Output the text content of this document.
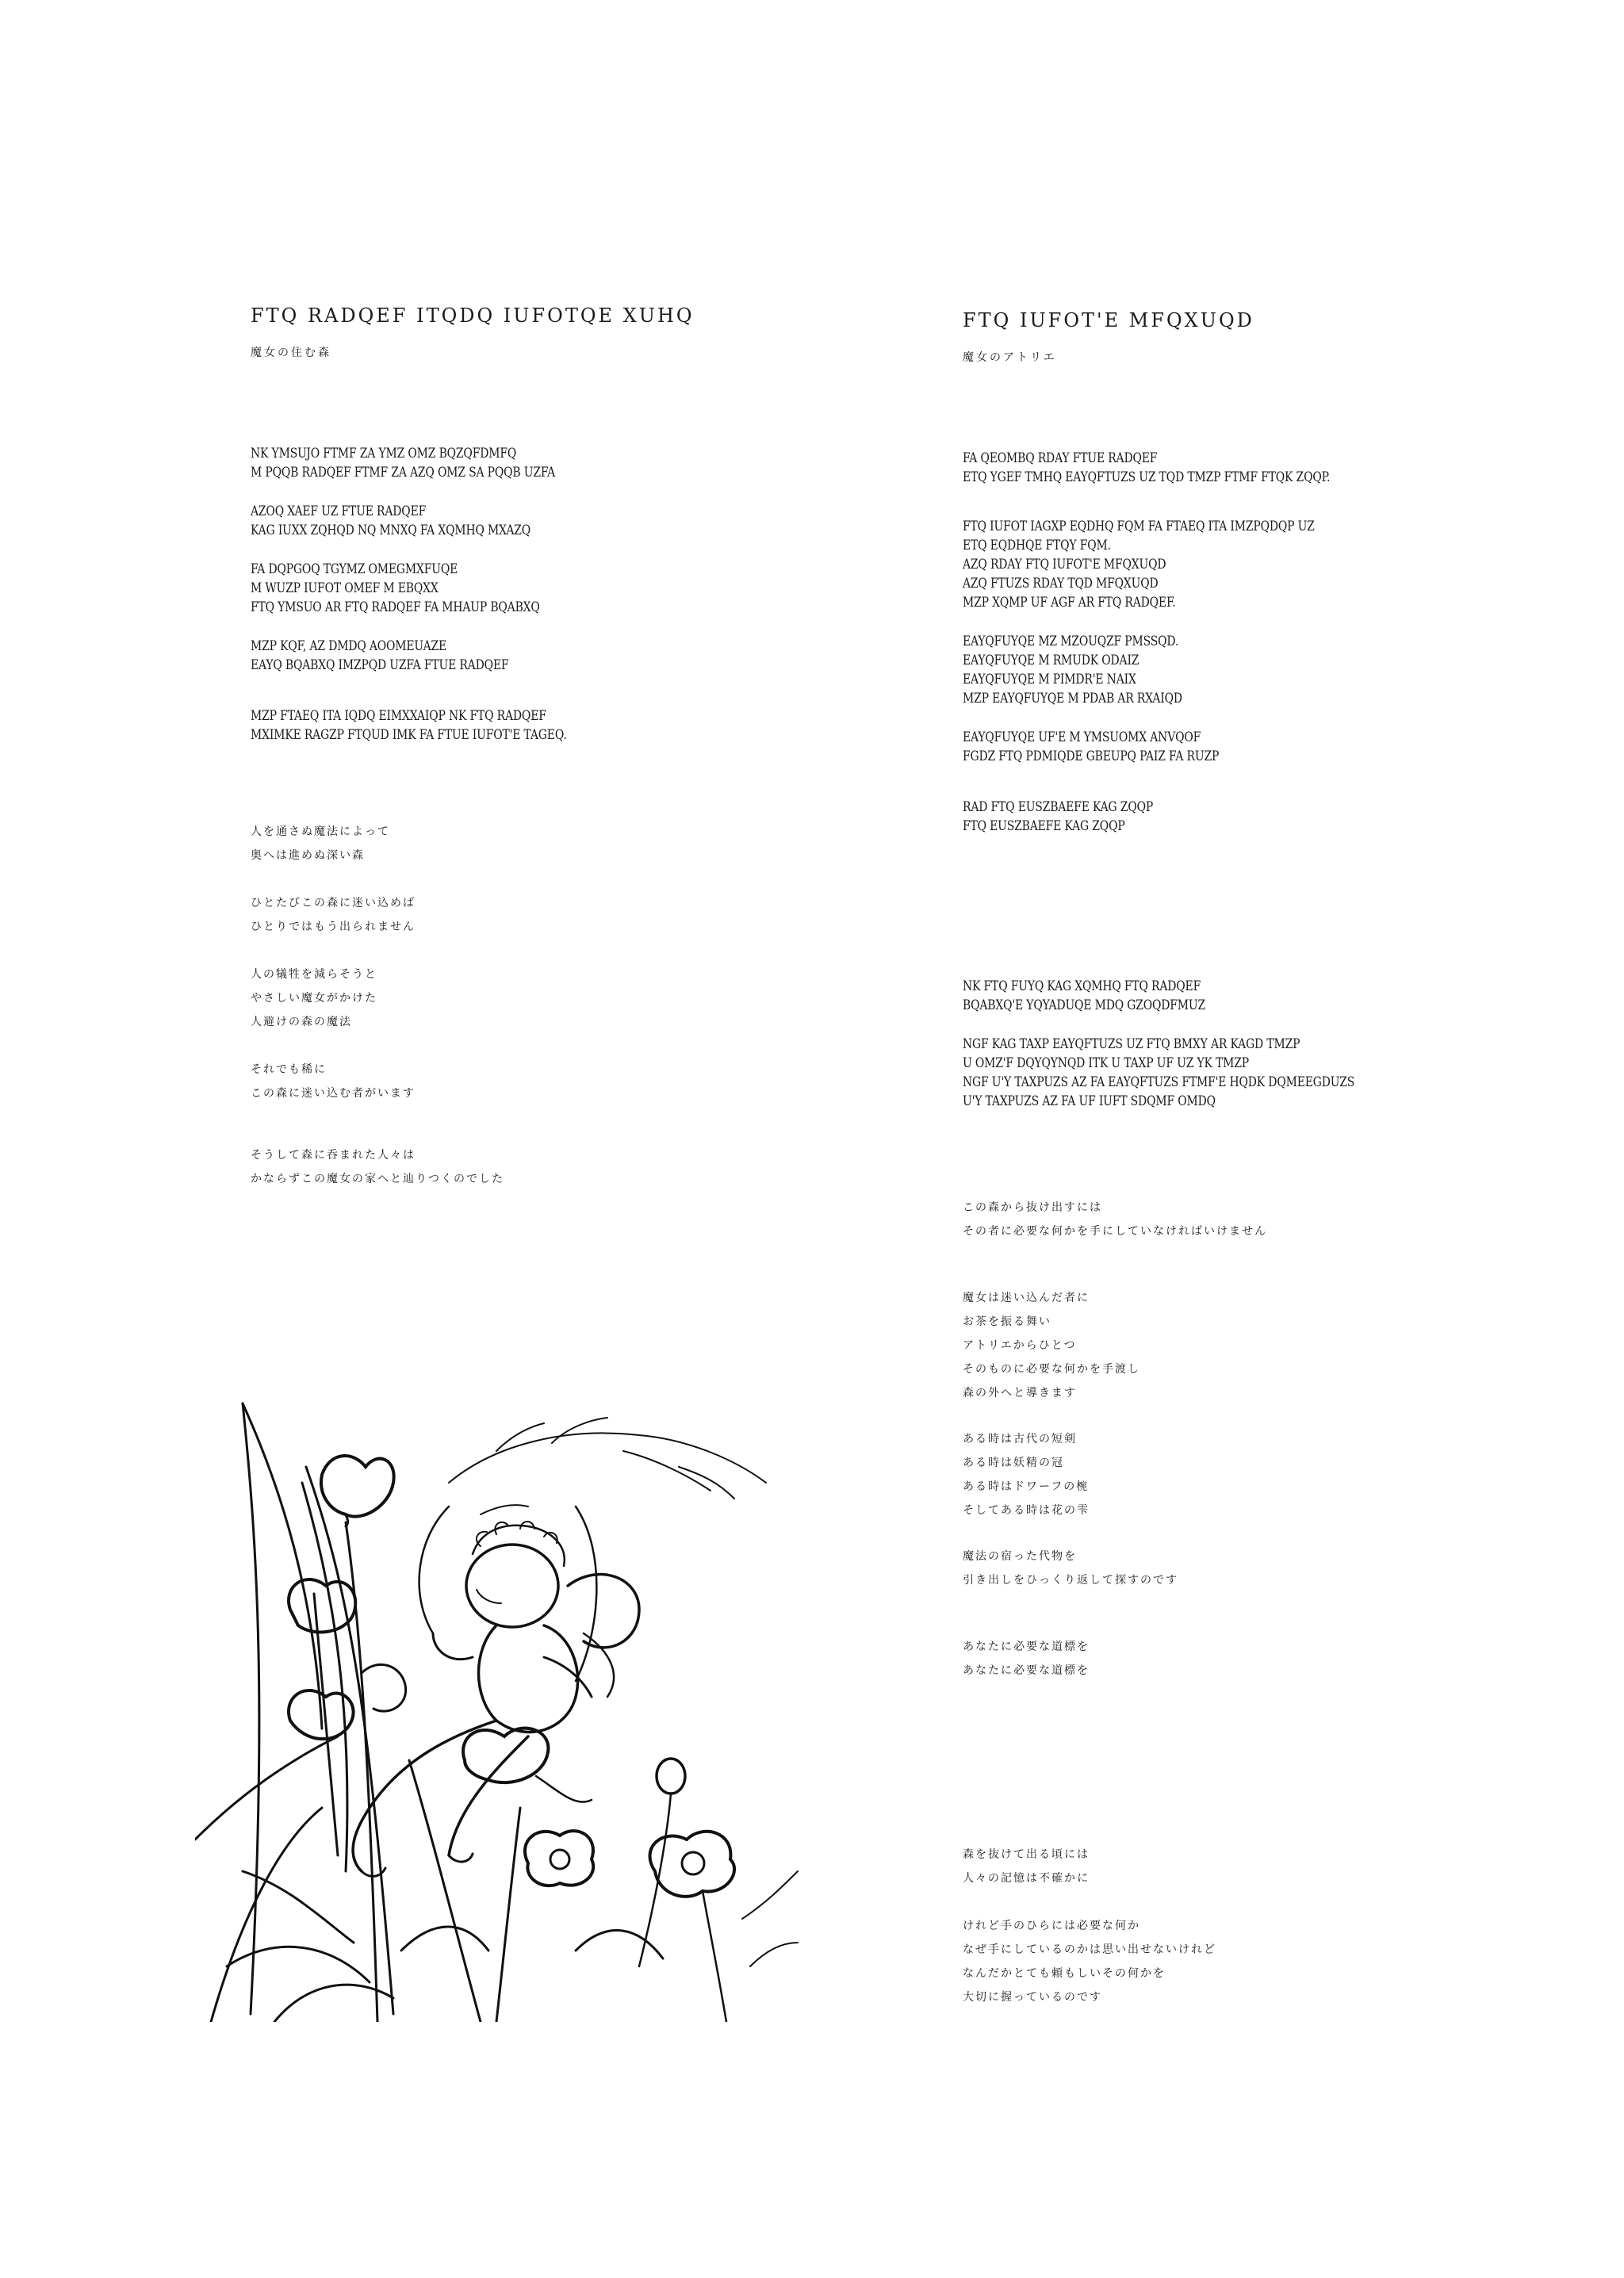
FTQ RADQEF ITQDQ IUFOTQE XUHQ
魔女の住む森
NK YMSUJO FTMF ZA YMZ OMZ BQZQFDMFQ
M PQQB RADQEF FTMF ZA AZQ OMZ SA PQQB UZFA
AZOQ XAEF UZ FTUE RADQEF
KAG IUXX ZQHQD NQ MNXQ FA XQMHQ MXAZQ
FA DQPGOQ TGYMZ OMEGMXFUQE
M WUZP IUFOT OMEF M EBQXX
FTQ YMSUO AR FTQ RADQEF FA MHAUP BQABXQ
MZP KQF, AZ DMDQ AOOMEUAZE
EAYQ BQABXQ IMZPQD UZFA FTUE RADQEF
MZP FTAEQ ITA IQDQ EIMXXAIQP NK FTQ RADQEF
MXIMKE RAGZP FTQUD IMK FA FTUE IUFOT'E TAGEQ.
人を通さぬ魔法によって
奥へは進めぬ深い森
ひとたびこの森に迷い込めば
ひとりではもう出られません
人の犠牲を減らそうと
やさしい魔女がかけた
人避けの森の魔法
それでも稀に
この森に迷い込む者がいます
そうして森に呑まれた人々は
かならずこの魔女の家へと辿りつくのでした
FTQ IUFOT'E MFQXUQD
魔女のアトリエ
FA QEOMBQ RDAY FTUE RADQEF
ETQ YGEF TMHQ EAYQFTUZS UZ TQD TMZP FTMF FTQK ZQQP.
FTQ IUFOT IAGXP EQDHQ FQM FA FTAEQ ITA IMZPQDQP UZ
ETQ EQDHQE FTQY FQM.
AZQ RDAY FTQ IUFOT'E MFQXUQD
AZQ FTUZS RDAY TQD MFQXUQD
MZP XQMP UF AGF AR FTQ RADQEF.
EAYQFUYQE MZ MZOUQZF PMSSQD.
EAYQFUYQE M RMUDK ODAIZ
EAYQFUYQE M PIMDR'E NAIX
MZP EAYQFUYQE M PDAB AR RXAIQD
EAYQFUYQE UF'E M YMSUOMX ANVQOF
FGDZ FTQ PDMIQDE GBEUPQ PAIZ FA RUZP
RAD FTQ EUSZBAEFE KAG ZQQP
FTQ EUSZBAEFE KAG ZQQP
NK FTQ FUYQ KAG XQMHQ FTQ RADQEF
BQABXQ'E YQYADUQE MDQ GZOQDFMUZ
NGF KAG TAXP EAYQFTUZS UZ FTQ BMXY AR KAGD TMZP
U OMZ'F DQYQYNQD ITK U TAXP UF UZ YK TMZP
NGF U'Y TAXPUZS AZ FA EAYQFTUZS FTMF'E HQDK DQMEEGDUZS
U'Y TAXPUZS AZ FA UF IUFT SDQMF OMDQ
この森から抜け出すには
その者に必要な何かを手にしていなければいけません
魔女は迷い込んだ者に
お茶を振る舞い
アトリエからひとつ
そのものに必要な何かを手渡し
森の外へと導きます
ある時は古代の短剣
ある時は妖精の冠
ある時はドワーフの椀
そしてある時は花の雫
魔法の宿った代物を
引き出しをひっくり返して探すのです
あなたに必要な道標を
あなたに必要な道標を
森を抜けて出る頃には
人々の記憶は不確かに
けれど手のひらには必要な何か
なぜ手にしているのかは思い出せないけれど
なんだかとても頼もしいその何かを
大切に握っているのです
